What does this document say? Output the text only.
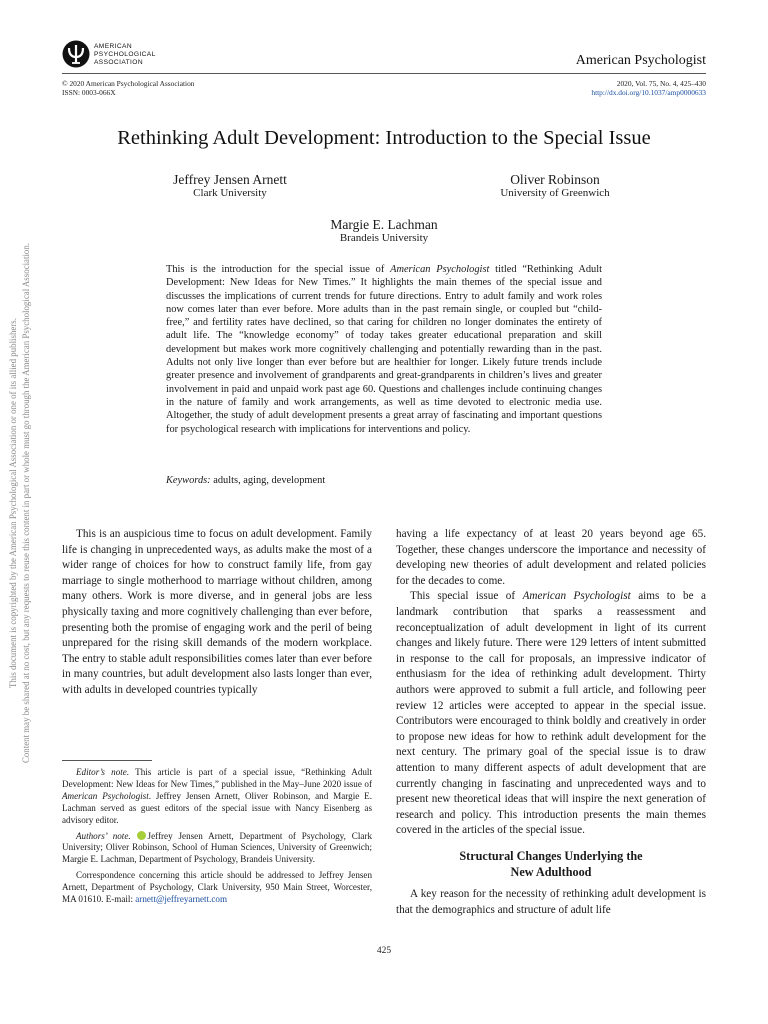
This document is copyrighted by the American Psychological Association or one of its allied publishers. Content may be shared at no cost, but any requests to reuse this content in part or whole must go through the American Psychological Association.
AMERICAN
PSYCHOLOGICAL
ASSOCIATION	American Psychologist
© 2020 American Psychological Association
ISSN: 0003-066X
2020, Vol. 75, No. 4, 425–430
http://dx.doi.org/10.1037/amp0000633
Rethinking Adult Development: Introduction to the Special Issue
Jeffrey Jensen Arnett
Clark University
Oliver Robinson
University of Greenwich
Margie E. Lachman
Brandeis University
This is the introduction for the special issue of American Psychologist titled “Rethinking Adult Development: New Ideas for New Times.” It highlights the main themes of the special issue and discusses the implications of current trends for future directions. Entry to adult family and work roles now comes later than ever before. More adults than in the past remain single, or coupled but “child-free,” and fertility rates have declined, so that caring for children no longer dominates the entirety of adult life. The “knowledge economy” of today takes greater educational preparation and skill development but makes work more cognitively challenging and potentially rewarding than in the past. Adults not only live longer than ever before but are healthier for longer. Likely future trends include greater presence and involvement of grandparents and great-grandparents in children’s lives and greater involvement in paid and unpaid work past age 60. Questions and challenges include continuing changes in the nature of family and work arrangements, as well as time devoted to electronic media use. Altogether, the study of adult development presents a great array of fascinating and important questions for psychological research with implications for interventions and policy.
Keywords: adults, aging, development

This is an auspicious time to focus on adult development. Family life is changing in unprecedented ways, as adults make the most of a wider range of choices for how to construct family life, from gay marriage to single motherhood to marriage without children, among many others. Work is more diverse, and in general jobs are less physically taxing and more cognitively challenging than ever before, presenting both the promise of engaging work and the peril of being unprepared for the rising skill demands of the modern workplace. The entry to stable adult responsibilities comes later than ever before in many countries, but adult development also lasts longer than ever, with adults in developed countries typically

Editor’s note. This article is part of a special issue, “Rethinking Adult Development: New Ideas for New Times,” published in the May–June 2020 issue of American Psychologist. Jeffrey Jensen Arnett, Oliver Robinson, and Margie E. Lachman served as guest editors of the special issue with Nancy Eisenberg as advisory editor.

Authors’ note. Jeffrey Jensen Arnett, Department of Psychology, Clark University; Oliver Robinson, School of Human Sciences, University of Greenwich; Margie E. Lachman, Department of Psychology, Brandeis University.

Correspondence concerning this article should be addressed to Jeffrey Jensen Arnett, Department of Psychology, Clark University, 950 Main Street, Worcester, MA 01610. E-mail: arnett@jeffreyarnett.com

having a life expectancy of at least 20 years beyond age 65. Together, these changes underscore the importance and necessity of developing new theories of adult development and related policies for the decades to come.

This special issue of American Psychologist aims to be a landmark contribution that sparks a reassessment and reconceptualization of adult development in light of its current changes and likely future. There were 129 letters of intent submitted in response to the call for proposals, an impressive indicator of enthusiasm for the idea of rethinking adult development. Thirty authors were approved to submit a full article, and following peer review 12 articles were accepted to appear in the special issue. Contributors were encouraged to think boldly and creatively in order to propose new ideas for how to rethink adult development for the next century. The primary goal of the special issue is to draw attention to many different aspects of adult development that are currently changing in fascinating and unprecedented ways and to present new theoretical ideas that will inspire the next generation of research and policy. This introduction presents the main themes covered in the articles of the special issue.

Structural Changes Underlying the
New Adulthood

A key reason for the necessity of rethinking adult development is that the demographics and structure of adult life

425
